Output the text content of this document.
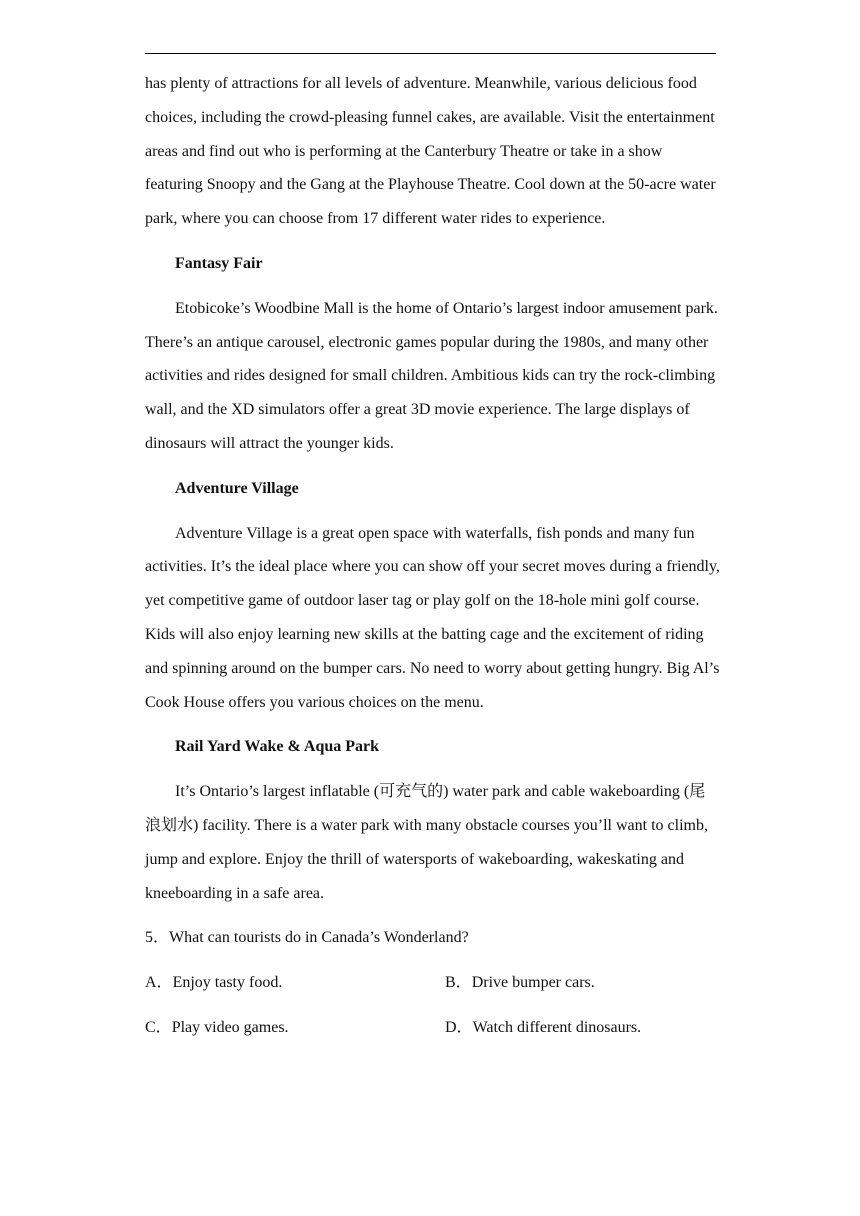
has plenty of attractions for all levels of adventure. Meanwhile, various delicious food choices, including the crowd-pleasing funnel cakes, are available. Visit the entertainment areas and find out who is performing at the Canterbury Theatre or take in a show featuring Snoopy and the Gang at the Playhouse Theatre. Cool down at the 50-acre water park, where you can choose from 17 different water rides to experience.

Fantasy Fair

Etobicoke’s Woodbine Mall is the home of Ontario’s largest indoor amusement park. There’s an antique carousel, electronic games popular during the 1980s, and many other activities and rides designed for small children. Ambitious kids can try the rock-climbing wall, and the XD simulators offer a great 3D movie experience. The large displays of dinosaurs will attract the younger kids.

Adventure Village

Adventure Village is a great open space with waterfalls, fish ponds and many fun activities. It’s the ideal place where you can show off your secret moves during a friendly, yet competitive game of outdoor laser tag or play golf on the 18-hole mini golf course. Kids will also enjoy learning new skills at the batting cage and the excitement of riding and spinning around on the bumper cars. No need to worry about getting hungry. Big Al’s Cook House offers you various choices on the menu.

Rail Yard Wake & Aqua Park

It’s Ontario’s largest inflatable (可充气的) water park and cable wakeboarding (尾浪划水) facility. There is a water park with many obstacle courses you’ll want to climb, jump and explore. Enjoy the thrill of watersports of wakeboarding, wakeskating and kneeboarding in a safe area.

5．What can tourists do in Canada’s Wonderland?

A．Enjoy tasty food.	B．Drive bumper cars.
C．Play video games.	D．Watch different dinosaurs.
